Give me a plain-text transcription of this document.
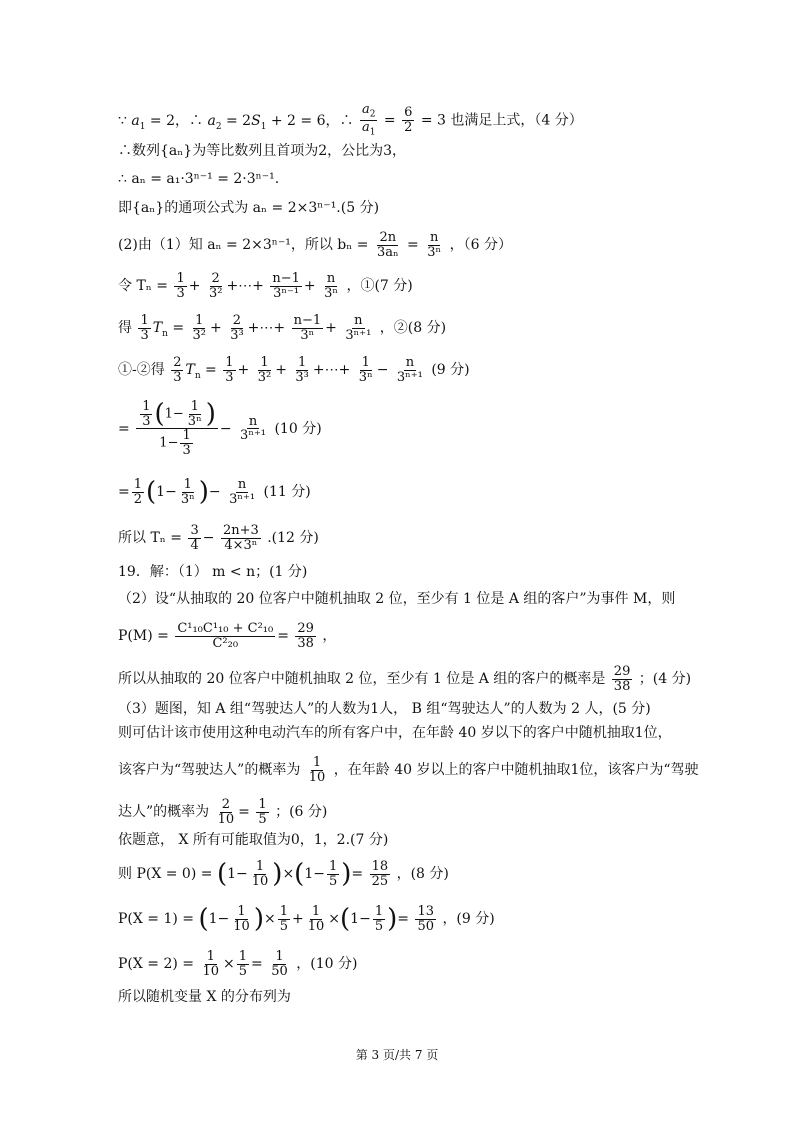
∵ $a_1 = 2$，∴ $a_2 = 2S_1 + 2 = 6$，∴ $\frac{a_2}{a_1} = \frac{6}{2} = 3$ 也满足上式，（4 分）
∴数列{aₙ}为等比数列且首项为2，公比为3，
∴ aₙ = a₁·3ⁿ⁻¹ = 2·3ⁿ⁻¹.
即{aₙ}的通项公式为 aₙ = 2×3ⁿ⁻¹.(5 分)
(2)由（1）知 aₙ = 2×3ⁿ⁻¹，所以 $b_n = \frac{2n}{\text{3aₙ}} = \frac{n}{\text{3ⁿ}}$ ，（6 分）
令 $T_n = \frac{1}{3} + \frac{2}{\text{3²}}$ +⋯+ $\frac{n-1}{\text{3ⁿ⁻¹}} + \frac{n}{\text{3ⁿ}}$ ，①(7 分)
得 $\frac{1}{3} T_n = \frac{1}{\text{3²}} + \frac{2}{\text{3³}}$ +⋯+ $\frac{n-1}{\text{3ⁿ}} + \frac{n}{\text{3ⁿ⁺¹}}$ ，②(8 分)
①-②得 $\frac{2}{3} T_n = \frac{1}{3} + \frac{1}{\text{3²}} + \frac{1}{\text{3³}}$ +⋯+ $\frac{1}{\text{3ⁿ}} - \frac{n}{\text{3ⁿ⁺¹}} (9$ 分)
= $\frac{\frac{1}{3} (1- \frac{1}{\text{3ⁿ}} )}{1- \frac{1}{3}} - \frac{n}{\text{3ⁿ⁺¹}} (10$ 分)
= $\frac{1}{2} (1- \frac{1}{\text{3ⁿ}}$ )− $\frac{n}{\text{3ⁿ⁺¹}} (11$ 分)
所以 $T_n = \frac{3}{4} - \frac{2n+3}{\text{4×3ⁿ}} .(12$ 分)
19．解：（1） m < n；(1 分)
（2）设“从抽取的 20 位客户中随机抽取 2 位，至少有 1 位是 A 组的客户”为事件 M，则
$P(M) = \frac{\text{C¹₁₀C¹₁₀ + C²₁₀}}{\text{C²₂₀}} = \frac{29}{38}$ ，
所以从抽取的 20 位客户中随机抽取 2 位，至少有 1 位是 A 组的客户的概率是 $\frac{29}{38}$ ；(4 分)
（3）题图，知 A 组“驾驶达人”的人数为1人， B 组“驾驶达人”的人数为 2 人，(5 分)
则可估计该市使用这种电动汽车的所有客户中，在年龄 40 岁以下的客户中随机抽取1位，
该客户为“驾驶达人”的概率为 $\frac{1}{10}$ ，在年龄 40 岁以上的客户中随机抽取1位，该客户为“驾驶
达人”的概率为 $\frac{2}{10} = \frac{1}{5}$ ；(6 分)
依题意， X 所有可能取值为0，1，2.(7 分)
则 $P(X = 0) = (1- \frac{1}{10} )\times(1- \frac{1}{5}$ )= $\frac{18}{25}$ ，(8 分)
$P(X = 1) = (1- \frac{1}{10}$ )× $\frac{1}{5} + \frac{1}{10} \times(1- \frac{1}{5}$ )= $\frac{13}{50}$ ，(9 分)
$P(X = 2) = \frac{1}{10} \times \frac{1}{5} = \frac{1}{50}$ ，(10 分)
所以随机变量 X 的分布列为
第 3 页/共 7 页
